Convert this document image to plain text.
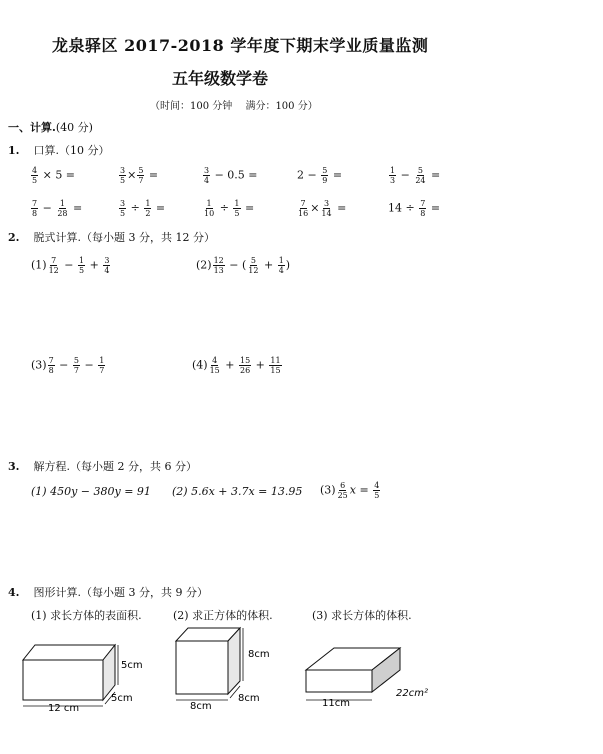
龙泉驿区 2017-2018 学年度下期末学业质量监测
五年级数学卷
（时间：100 分钟　 满分：100 分）
一、计算.(40 分)
1. 口算.（10 分）
$\frac{4}{5} \times 5$ =	$\frac{3}{5} \times \frac{5}{7}$ =	$\frac{3}{4} - 0.5$ =	$2 - \frac{5}{9}$ =	$\frac{1}{3} - \frac{5}{24}$ =
$\frac{7}{8} - \frac{1}{28}$ =	$\frac{3}{5} \div \frac{1}{2}$ =	$\frac{1}{10} \div \frac{1}{5}$ =	$\frac{7}{16} \times \frac{3}{14}$ =	$14 \div \frac{7}{8}$ =
2. 脱式计算.（每小题 3 分，共 12 分）
$(1) \frac{7}{12} - \frac{1}{5} + \frac{3}{4}$	$(2) \frac{12}{13}$ − ( $\frac{5}{12} + \frac{1}{4}$ )
$(3) \frac{7}{8} - \frac{5}{7} - \frac{1}{7}$	$(4) \frac{4}{15} + \frac{15}{26} + \frac{11}{15}$
3. 解方程.（每小题 2 分，共 6 分）
(1) 450y − 380y = 91 (2) 5.6x + 3.7x = 13.95 $(3) \frac{6}{25}$ $x = \frac{4}{5}$
4. 图形计算.（每小题 3 分，共 9 分）
(1) 求长方体的表面积.	(2) 求正方体的体积.	(3) 求长方体的体积.
5cm
12 cm
5cm
8cm
8cm
8cm	11cm
22cm²
